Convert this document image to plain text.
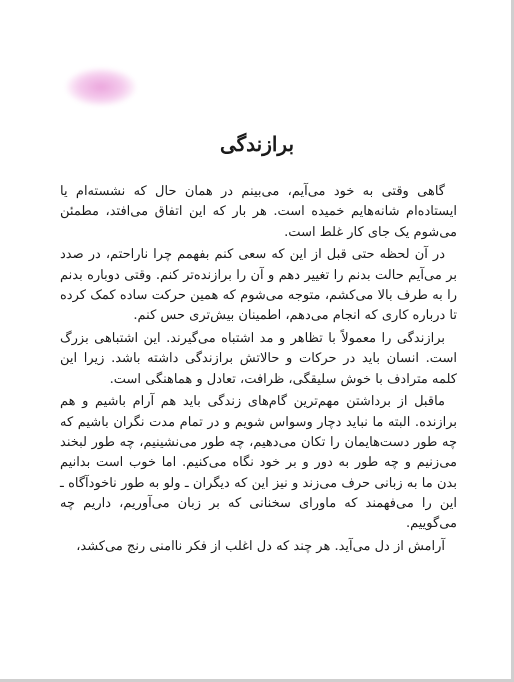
برازندگی

گاهی وقتی به خود می‌آیم، می‌بینم در همان حال که نشسته‌ام یا ایستاده‌ام شانه‌هایم خمیده است. هر بار که این اتفاق می‌افتد، مطمئن می‌شوم یک جای کار غلط است.

در آن لحظه حتی قبل از این که سعی کنم بفهمم چرا ناراحتم، در صدد بر می‌آیم حالت بدنم را تغییر دهم و آن را برازنده‌تر کنم. وقتی دوباره بدنم را به طرف بالا می‌کشم، متوجه می‌شوم که همین حرکت ساده کمک کرده تا درباره کاری که انجام می‌دهم، اطمینان بیش‌تری حس کنم.

برازندگی را معمولاً با تظاهر و مد اشتباه می‌گیرند. این اشتباهی بزرگ است. انسان باید در حرکات و حالاتش برازندگی داشته باشد. زیرا این کلمه مترادف با خوش سلیقگی، ظرافت، تعادل و هماهنگی است.

ماقبل از برداشتن مهم‌ترین گام‌های زندگی باید هم آرام باشیم و هم برازنده. البته ما نباید دچار وسواس شویم و در تمام مدت نگران باشیم که چه طور دست‌هایمان را تکان می‌دهیم، چه طور می‌نشینیم، چه طور لبخند می‌زنیم و چه طور به دور و بر خود نگاه می‌کنیم. اما خوب است بدانیم بدن ما به زبانی حرف می‌زند و نیز این که دیگران ـ ولو به طور ناخودآگاه ـ این را می‌فهمند که ماورای سخنانی که بر زبان می‌آوریم، داریم چه می‌گوییم.

آرامش از دل می‌آید. هر چند که دل اغلب از فکر ناامنی رنج می‌کشد،
